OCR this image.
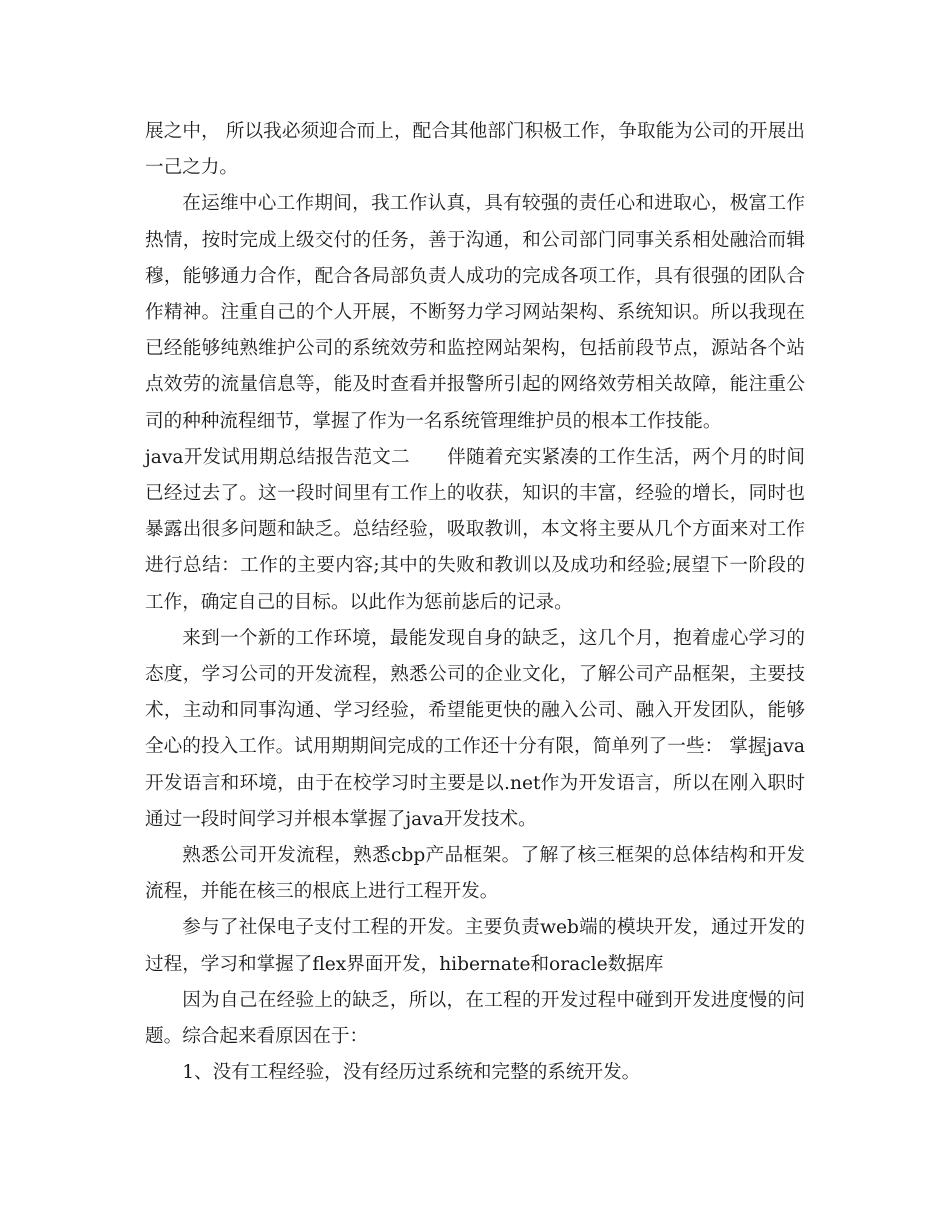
展之中， 所以我必须迎合而上，配合其他部门积极工作，争取能为公司的开展出一己之力。

在运维中心工作期间，我工作认真，具有较强的责任心和进取心，极富工作热情，按时完成上级交付的任务，善于沟通，和公司部门同事关系相处融洽而辑穆，能够通力合作，配合各局部负责人成功的完成各项工作，具有很强的团队合作精神。注重自己的个人开展，不断努力学习网站架构、系统知识。所以我现在已经能够纯熟维护公司的系统效劳和监控网站架构，包括前段节点，源站各个站点效劳的流量信息等，能及时查看并报警所引起的网络效劳相关故障，能注重公司的种种流程细节，掌握了作为一名系统管理维护员的根本工作技能。

java开发试用期总结报告范文二 伴随着充实紧凑的工作生活，两个月的时间已经过去了。这一段时间里有工作上的收获，知识的丰富，经验的增长，同时也暴露出很多问题和缺乏。总结经验，吸取教训，本文将主要从几个方面来对工作进行总结：工作的主要内容;其中的失败和教训以及成功和经验;展望下一阶段的工作，确定自己的目标。以此作为惩前毖后的记录。

来到一个新的工作环境，最能发现自身的缺乏，这几个月，抱着虚心学习的态度，学习公司的开发流程，熟悉公司的企业文化，了解公司产品框架，主要技术，主动和同事沟通、学习经验，希望能更快的融入公司、融入开发团队，能够全心的投入工作。试用期期间完成的工作还十分有限，简单列了一些： 掌握java开发语言和环境，由于在校学习时主要是以.net作为开发语言，所以在刚入职时通过一段时间学习并根本掌握了java开发技术。

熟悉公司开发流程，熟悉cbp产品框架。了解了核三框架的总体结构和开发流程，并能在核三的根底上进行工程开发。

参与了社保电子支付工程的开发。主要负责web端的模块开发，通过开发的过程，学习和掌握了flex界面开发，hibernate和oracle数据库

因为自己在经验上的缺乏，所以，在工程的开发过程中碰到开发进度慢的问题。综合起来看原因在于：

1、没有工程经验，没有经历过系统和完整的系统开发。
